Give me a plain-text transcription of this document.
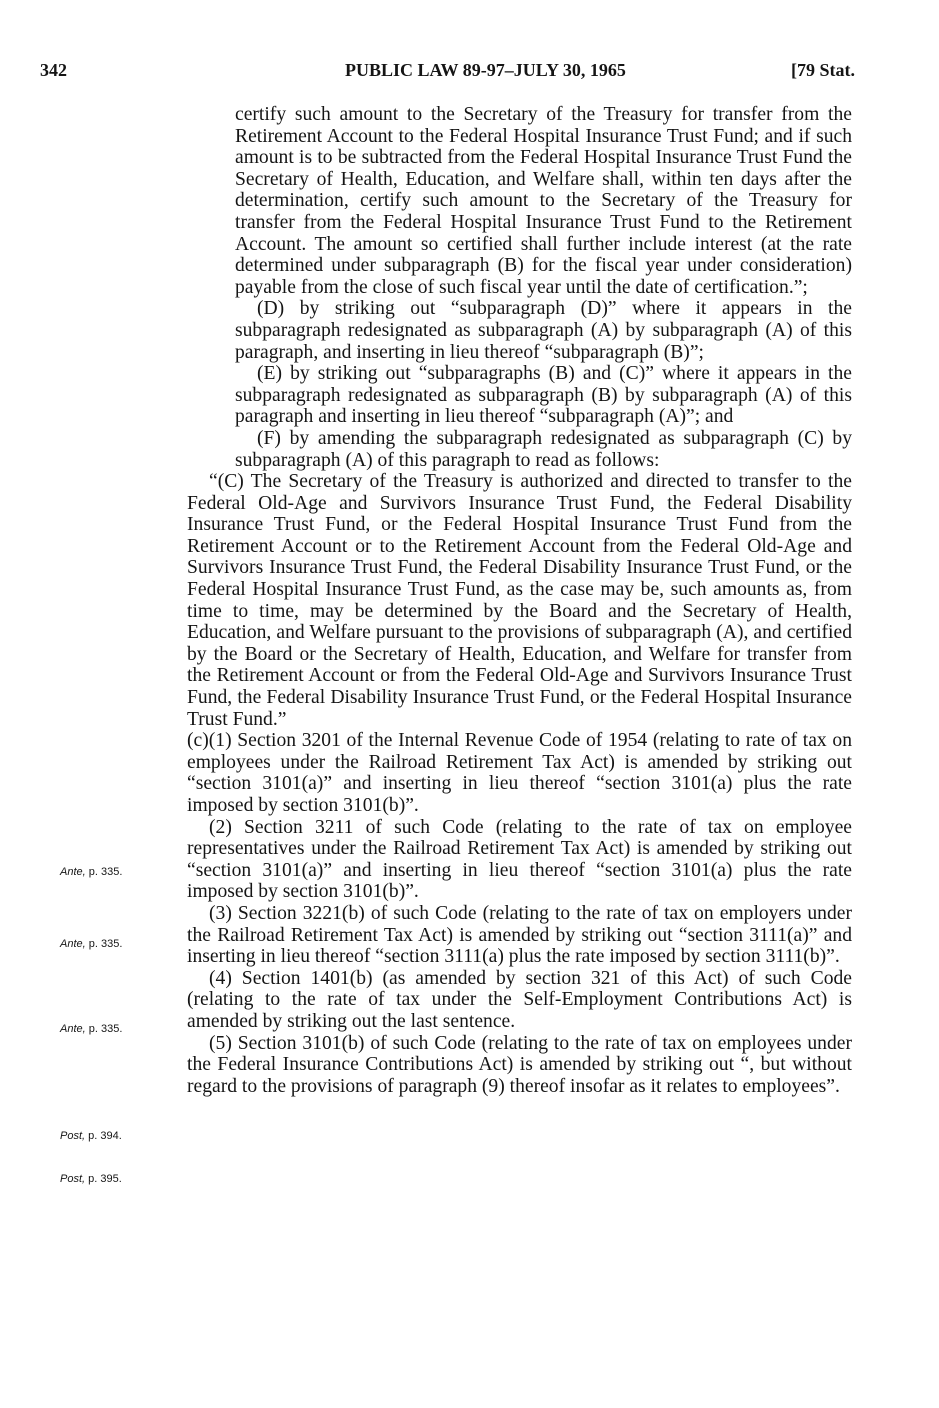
342	PUBLIC LAW 89-97–JULY 30, 1965	[79 Stat.
Ante, p. 335.
Ante, p. 335.
Ante, p. 335.
Post, p. 394.
Post, p. 395.

certify such amount to the Secretary of the Treasury for transfer from the Retirement Account to the Federal Hospital Insurance Trust Fund; and if such amount is to be subtracted from the Federal Hospital Insurance Trust Fund the Secretary of Health, Education, and Welfare shall, within ten days after the determination, certify such amount to the Secretary of the Treasury for transfer from the Federal Hospital Insurance Trust Fund to the Retirement Account. The amount so certified shall further include interest (at the rate determined under subparagraph (B) for the fiscal year under consideration) payable from the close of such fiscal year until the date of certification.”;

(D) by striking out “subparagraph (D)” where it appears in the subparagraph redesignated as subparagraph (A) by subparagraph (A) of this paragraph, and inserting in lieu thereof “subparagraph (B)”;

(E) by striking out “subparagraphs (B) and (C)” where it appears in the subparagraph redesignated as subparagraph (B) by subparagraph (A) of this paragraph and inserting in lieu thereof “subparagraph (A)”; and

(F) by amending the subparagraph redesignated as subparagraph (C) by subparagraph (A) of this paragraph to read as follows:

“(C) The Secretary of the Treasury is authorized and directed to transfer to the Federal Old-Age and Survivors Insurance Trust Fund, the Federal Disability Insurance Trust Fund, or the Federal Hospital Insurance Trust Fund from the Retirement Account or to the Retirement Account from the Federal Old-Age and Survivors Insurance Trust Fund, the Federal Disability Insurance Trust Fund, or the Federal Hospital Insurance Trust Fund, as the case may be, such amounts as, from time to time, may be determined by the Board and the Secretary of Health, Education, and Welfare pursuant to the provisions of subparagraph (A), and certified by the Board or the Secretary of Health, Education, and Welfare for transfer from the Retirement Account or from the Federal Old-Age and Survivors Insurance Trust Fund, the Federal Disability Insurance Trust Fund, or the Federal Hospital Insurance Trust Fund.”

(c)(1) Section 3201 of the Internal Revenue Code of 1954 (relating to rate of tax on employees under the Railroad Retirement Tax Act) is amended by striking out “section 3101(a)” and inserting in lieu thereof “section 3101(a) plus the rate imposed by section 3101(b)”.

(2) Section 3211 of such Code (relating to the rate of tax on employee representatives under the Railroad Retirement Tax Act) is amended by striking out “section 3101(a)” and inserting in lieu thereof “section 3101(a) plus the rate imposed by section 3101(b)”.

(3) Section 3221(b) of such Code (relating to the rate of tax on employers under the Railroad Retirement Tax Act) is amended by striking out “section 3111(a)” and inserting in lieu thereof “section 3111(a) plus the rate imposed by section 3111(b)”.

(4) Section 1401(b) (as amended by section 321 of this Act) of such Code (relating to the rate of tax under the Self-Employment Contributions Act) is amended by striking out the last sentence.

(5) Section 3101(b) of such Code (relating to the rate of tax on employees under the Federal Insurance Contributions Act) is amended by striking out “, but without regard to the provisions of paragraph (9) thereof insofar as it relates to employees”.
